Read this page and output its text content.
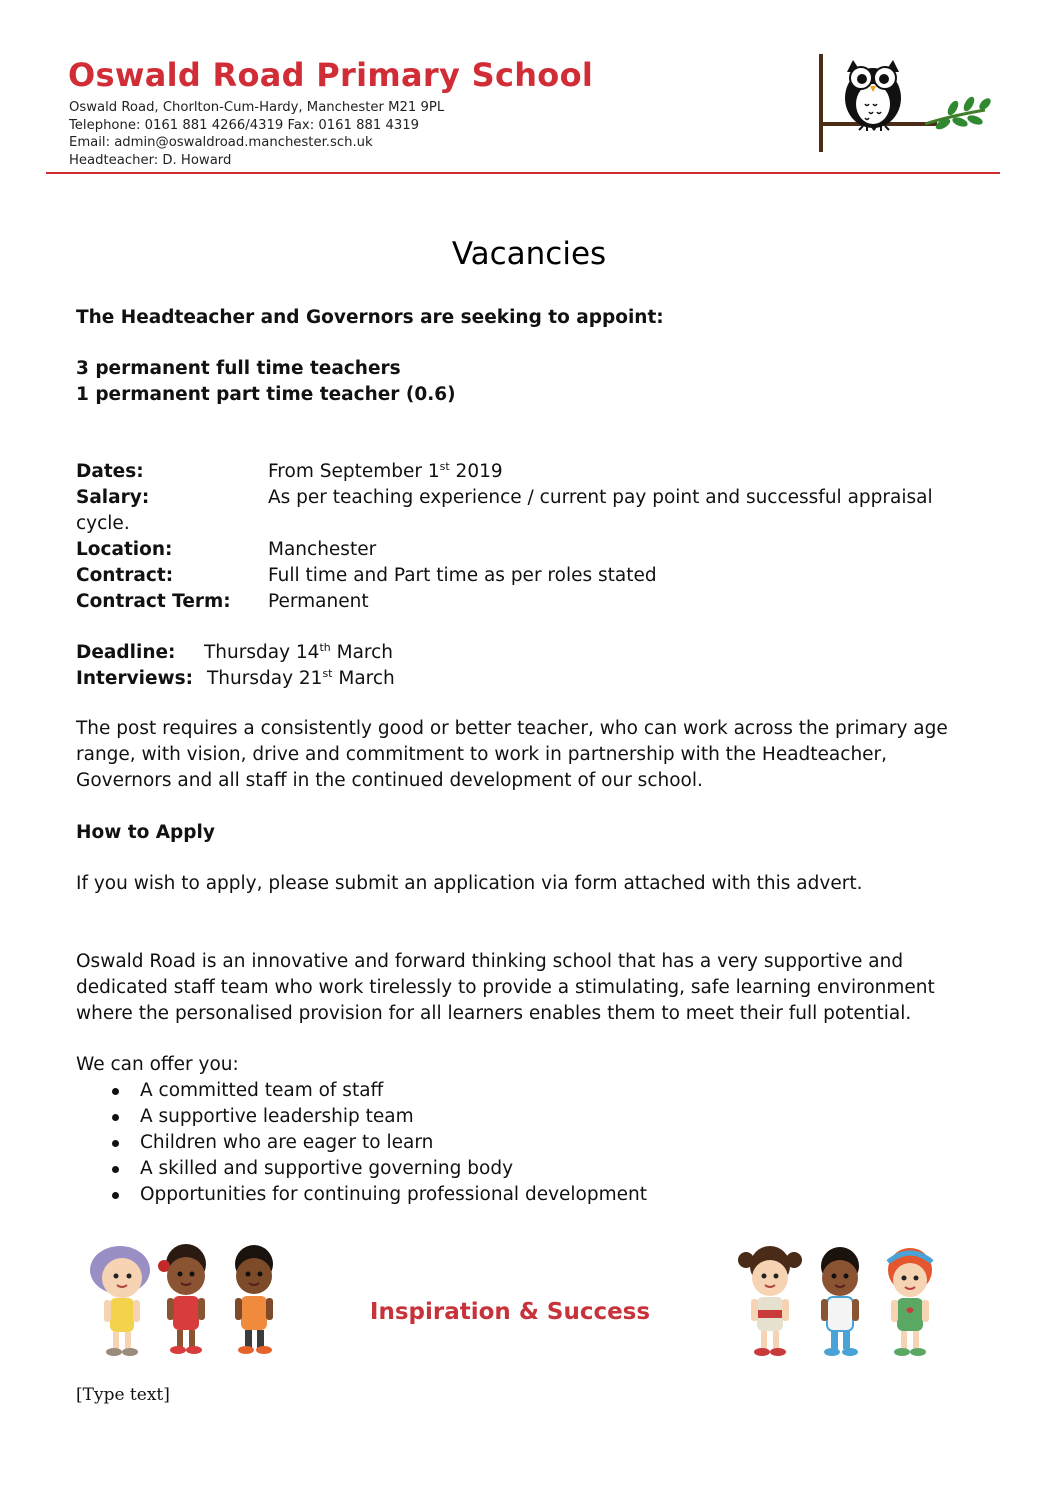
Oswald Road Primary School
Oswald Road, Chorlton-Cum-Hardy, Manchester M21 9PL
Telephone: 0161 881 4266/4319 Fax: 0161 881 4319
Email: admin@oswaldroad.manchester.sch.uk
Headteacher: D. Howard
Vacancies
The Headteacher and Governors are seeking to appoint:
3 permanent full time teachers
1 permanent part time teacher (0.6)
Dates:	From September 1st 2019
Salary:	As per teaching experience / current pay point and successful appraisal
cycle.
Location:	Manchester
Contract:	Full time and Part time as per roles stated
Contract Term: Permanent
Deadline: Thursday 14th March
Interviews: Thursday 21st March

The post requires a consistently good or better teacher, who can work across the primary age

range, with vision, drive and commitment to work in partnership with the Headteacher,

Governors and all staff in the continued development of our school.

How to Apply
If you wish to apply, please submit an application via form attached with this advert.

Oswald Road is an innovative and forward thinking school that has a very supportive and

dedicated staff team who work tirelessly to provide a stimulating, safe learning environment

where the personalised provision for all learners enables them to meet their full potential.

We can offer you:
A committed team of staff
A supportive leadership team
Children who are eager to learn
A skilled and supportive governing body
Opportunities for continuing professional development
Inspiration & Success
[Type text]
